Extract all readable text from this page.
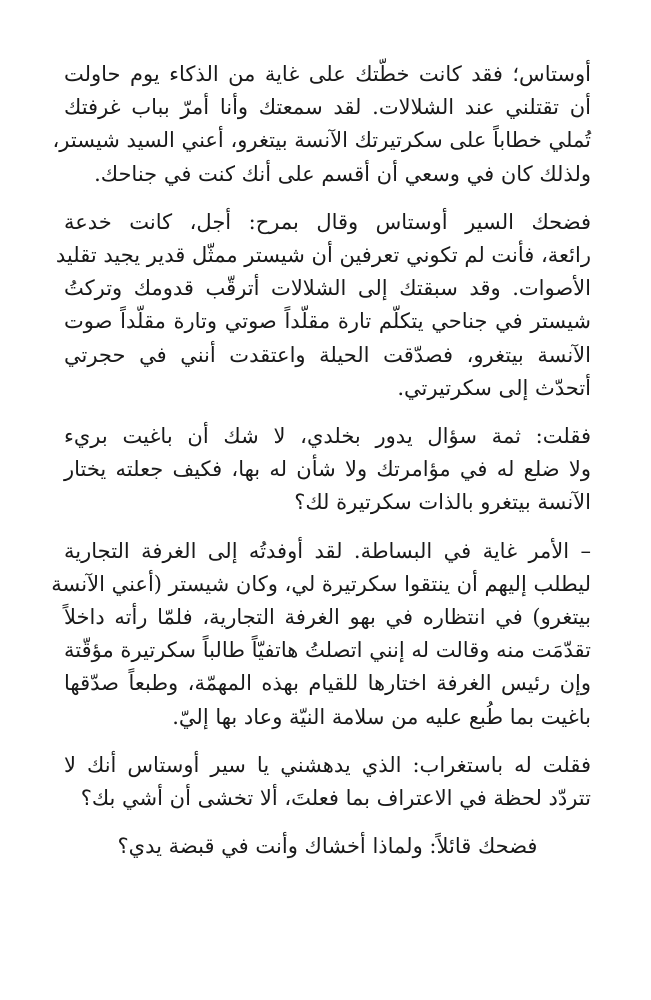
أوستاس؛ فقد كانت خطّتك على غاية من الذكاء يوم حاولت
أن تقتلني عند الشلالات. لقد سمعتك وأنا أمرّ بباب غرفتك
تُملي خطاباً على سكرتيرتك الآنسة بيتغرو، أعني السيد شيستر،
ولذلك كان في وسعي أن أقسم على أنك كنت في جناحك.

فضحك السير أوستاس وقال بمرح: أجل، كانت خدعة
رائعة، فأنت لم تكوني تعرفين أن شيستر ممثّل قدير يجيد تقليد
الأصوات. وقد سبقتك إلى الشلالات أترقّب قدومك وتركتُ
شيستر في جناحي يتكلّم تارة مقلّداً صوتي وتارة مقلّداً صوت
الآنسة بيتغرو، فصدّقت الحيلة واعتقدت أنني في حجرتي
أتحدّث إلى سكرتيرتي.

فقلت: ثمة سؤال يدور بخلدي، لا شك أن باغيت بريء
ولا ضلع له في مؤامرتك ولا شأن له بها، فكيف جعلته يختار
الآنسة بيتغرو بالذات سكرتيرة لك؟

– الأمر غاية في البساطة. لقد أوفدتُه إلى الغرفة التجارية
ليطلب إليهم أن ينتقوا سكرتيرة لي، وكان شيستر (أعني الآنسة
بيتغرو) في انتظاره في بهو الغرفة التجارية، فلمّا رأته داخلاً
تقدّمَت منه وقالت له إنني اتصلتُ هاتفيّاً طالباً سكرتيرة مؤقّتة
وإن رئيس الغرفة اختارها للقيام بهذه المهمّة، وطبعاً صدّقها
باغيت بما طُبع عليه من سلامة النيّة وعاد بها إليّ.

فقلت له باستغراب: الذي يدهشني يا سير أوستاس أنك لا
تتردّد لحظة في الاعتراف بما فعلتَ، ألا تخشى أن أشي بك؟

فضحك قائلاً: ولماذا أخشاك وأنت في قبضة يدي؟
